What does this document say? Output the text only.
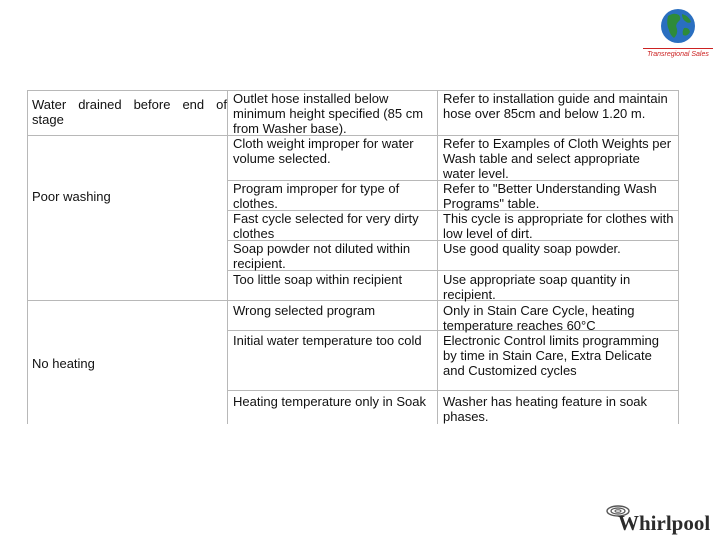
Transregional Sales
Water drained before end of stage
Poor washing
No heating
Outlet hose installed below minimum height specified (85 cm from Washer base).
Cloth weight improper for water volume selected.
Program improper for type of clothes.
Fast cycle selected for very dirty clothes
Soap powder not diluted within recipient.
Too little soap within recipient
Wrong selected program
Initial water temperature too cold
Heating temperature only in Soak
Refer to installation guide and maintain hose over 85cm and below 1.20 m.
Refer to Examples of Cloth Weights per Wash table and select appropriate water level.
Refer to "Better Understanding Wash Programs" table.
This cycle is appropriate for clothes with low level of dirt.
Use good quality soap powder.
Use appropriate soap quantity in recipient.
Only in Stain Care Cycle, heating temperature reaches 60°C
Electronic Control limits programming by time in Stain Care, Extra Delicate and Customized cycles
Washer has heating feature in soak phases.
Whirlpool
